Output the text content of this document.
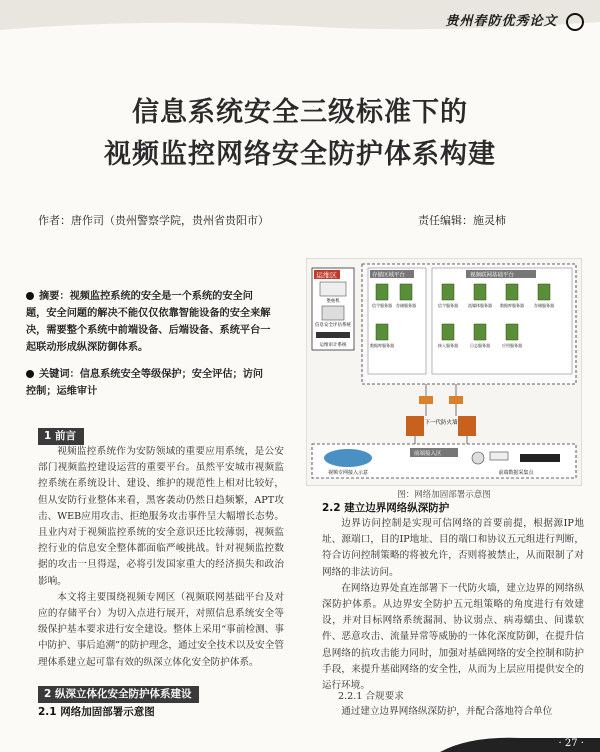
贵州春防优秀论文
信息系统安全三级标准下的
视频监控网络安全防护体系构建
作者：唐作司（贵州警察学院，贵州省贵阳市）	责任编辑：施灵柿
摘要：视频监控系统的安全是一个系统的安全问题，安全问题的解决不能仅仅依靠智能设备的安全来解决，需要整个系统中前端设备、后端设备、系统平台一起联动形成纵深防御体系。
关键词：信息系统安全等级保护；安全评估；访问控制；运维审计
1 前言

视频监控系统作为安防领域的重要应用系统，是公安部门视频监控建设运营的重要平台。虽然平安城市视频监控系统在系统设计、建设、维护的规范性上相对比较好，但从安防行业整体来看，黑客袭动仍然日趋频繁，APT攻击、WEB应用攻击、拒绝服务攻击事件呈大幅增长态势。且业内对于视频监控系统的安全意识还比较薄弱，视频监控行业的信息安全整体都面临严峻挑战。针对视频监控数据的攻击一旦得逞，必将引发国家重大的经济损失和政治影响。

本文将主要围绕视频专网区（视频联网基础平台及对应的存储平台）为切入点进行展开，对照信息系统安全等级保护基本要求进行安全建设。整体上采用“事前检测、事中防护、事后追溯”的防护理念，通过安全技术以及安全管理体系建立起可靠有效的纵深立体化安全防护体系。

2 纵深立体化安全防护体系建设
2.1 网络加固部署示意图
运维区
堡垒机
信息安全评估系统
运维审计系统
存储区域平台	视频联网基础平台
信令服务器 存储服务器
数据库服务器
信令服务器	流媒体服务器 数据库服务器	存储服务器
接入服务器	日志服务器	应用服务器
下一代防火墙
视频专网接入示意
前端接入区
前端数据采集点
图：网络加固部署示意图
2.2 建立边界网络纵深防护

边界访问控制是实现可信网络的首要前提，根据源IP地址、源端口，目的IP地址、目的端口和协议五元组进行判断，符合访问控制策略的将被允许，否则将被禁止，从而限制了对网络的非法访问。

在网络边界处直连部署下一代防火墙，建立边界的网络纵深防护体系。从边界安全防护五元组策略的角度进行有效建设，并对目标网络系统漏洞、协议弱点、病毒蠕虫、间谍软件、恶意攻击、流量异常等威胁的一体化深度防御，在提升信息网络的抗攻击能力同时，加强对基础网络的安全控制和防护手段，来提升基础网络的安全性，从而为上层应用提供安全的运行环境。

2.2.1 合规要求

通过建立边界网络纵深防护，并配合落地符合单位

· 27 ·
